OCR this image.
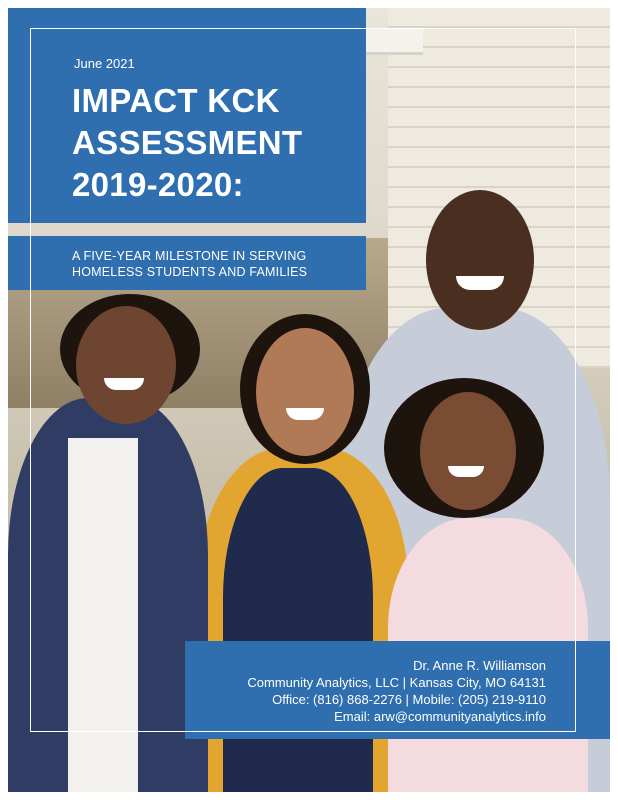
June 2021
IMPACT KCK
ASSESSMENT
2019-2020:
A FIVE-YEAR MILESTONE IN SERVING
HOMELESS STUDENTS AND FAMILIES
Dr. Anne R. Williamson
Community Analytics, LLC | Kansas City, MO 64131
Office: (816) 868-2276 | Mobile: (205) 219-9110
Email: arw@communityanalytics.info
